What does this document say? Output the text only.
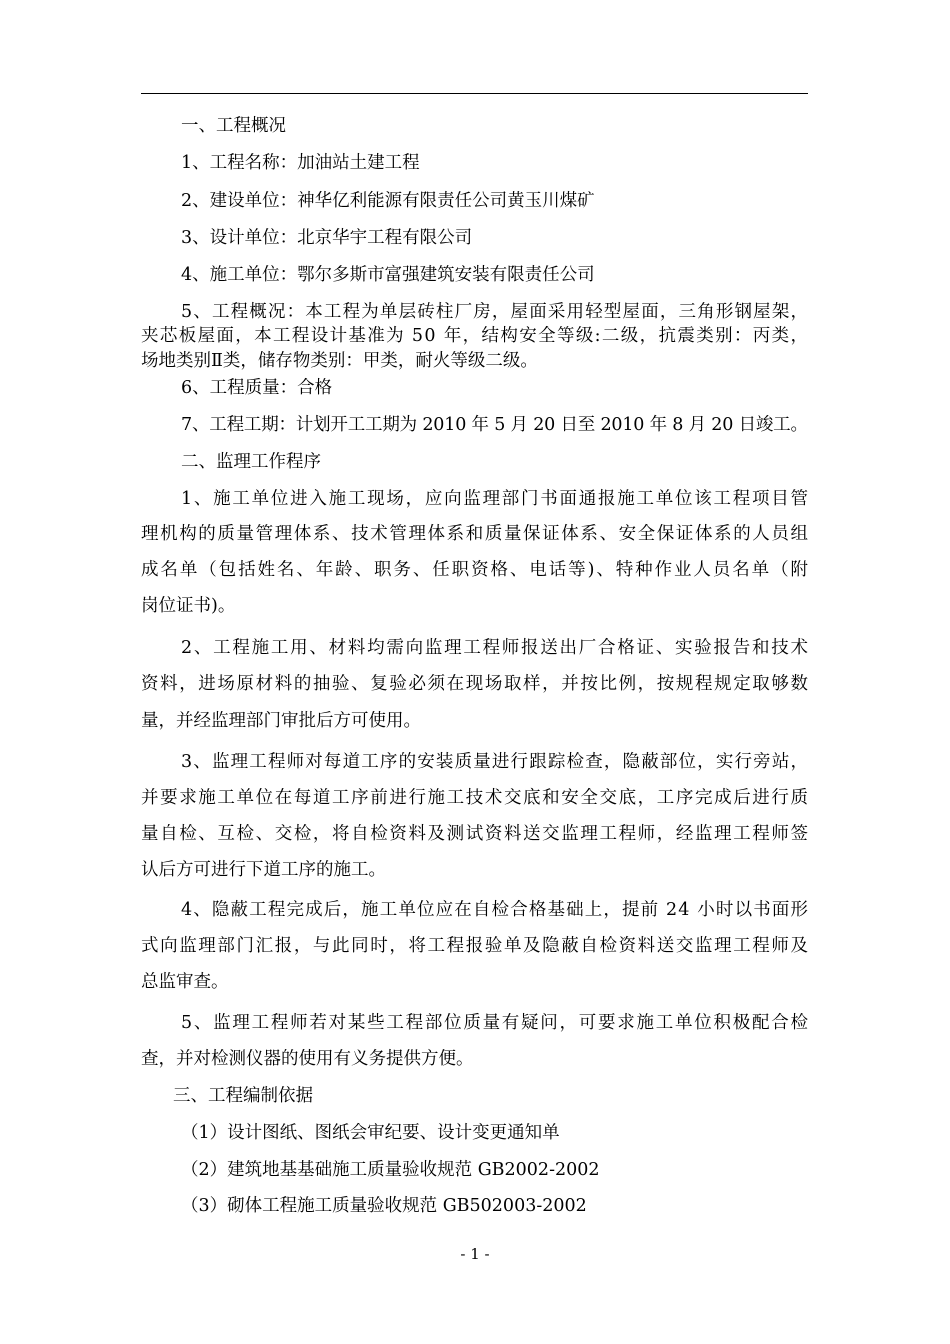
一、工程概况
1、工程名称：加油站土建工程
2、建设单位：神华亿利能源有限责任公司黄玉川煤矿
3、设计单位：北京华宇工程有限公司
4、施工单位：鄂尔多斯市富强建筑安装有限责任公司
5、工程概况：本工程为单层砖柱厂房，屋面采用轻型屋面，三角形钢屋架，
夹芯板屋面，本工程设计基准为 50 年，结构安全等级:二级，抗震类别：丙类，
场地类别Ⅱ类，储存物类别：甲类，耐火等级二级。
6、工程质量：合格
7、工程工期：计划开工工期为 2010 年 5 月 20 日至 2010 年 8 月 20 日竣工。
二、监理工作程序
1、施工单位进入施工现场，应向监理部门书面通报施工单位该工程项目管
理机构的质量管理体系、技术管理体系和质量保证体系、安全保证体系的人员组
成名单（包括姓名、年龄、职务、任职资格、电话等)、特种作业人员名单（附
岗位证书)。
2、工程施工用、材料均需向监理工程师报送出厂合格证、实验报告和技术
资料，进场原材料的抽验、复验必须在现场取样，并按比例，按规程规定取够数
量，并经监理部门审批后方可使用。
3、监理工程师对每道工序的安装质量进行跟踪检查，隐蔽部位，实行旁站，
并要求施工单位在每道工序前进行施工技术交底和安全交底，工序完成后进行质
量自检、互检、交检，将自检资料及测试资料送交监理工程师，经监理工程师签
认后方可进行下道工序的施工。
4、隐蔽工程完成后，施工单位应在自检合格基础上，提前 24 小时以书面形
式向监理部门汇报，与此同时，将工程报验单及隐蔽自检资料送交监理工程师及
总监审查。
5、监理工程师若对某些工程部位质量有疑问，可要求施工单位积极配合检
查，并对检测仪器的使用有义务提供方便。
三、工程编制依据
（1）设计图纸、图纸会审纪要、设计变更通知单
（2）建筑地基基础施工质量验收规范 GB2002-2002
（3）砌体工程施工质量验收规范 GB502003-2002
- 1 -
